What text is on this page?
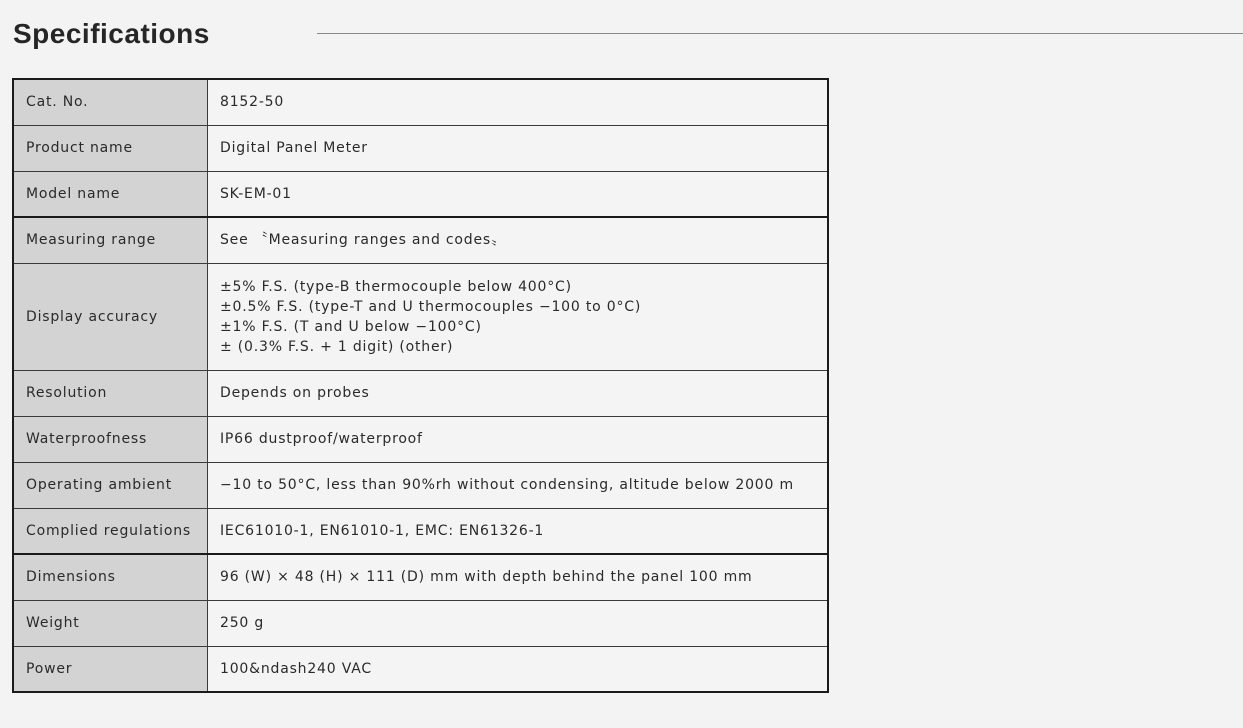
Specifications
Cat. No.	8152-50
Product name	Digital Panel Meter
Model name	SK-EM-01
Measuring range	See 〝Measuring ranges and codes〟
Display accuracy	±5% F.S. (type-B thermocouple below 400°C)
±0.5% F.S. (type-T and U thermocouples −100 to 0°C)
±1% F.S. (T and U below −100°C)
± (0.3% F.S. + 1 digit) (other)

Resolution	Depends on probes
Waterproofness	IP66 dustproof/waterproof
Operating ambient	−10 to 50°C, less than 90%rh without condensing, altitude below 2000 m
Complied regulations	IEC61010-1, EN61010-1, EMC: EN61326-1
Dimensions	96 (W) × 48 (H) × 111 (D) mm with depth behind the panel 100 mm
Weight	250 g
Power	100&ndash240 VAC
